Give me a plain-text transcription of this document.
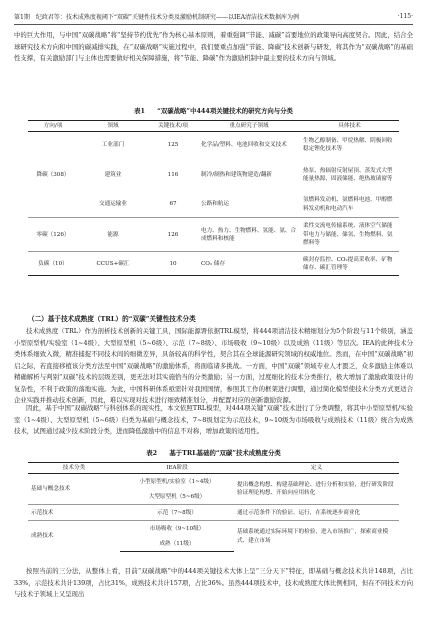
第1期 纪政君等：技术成熟度视阈下“双碳”关键性技术分类及激励机制研究——以IEA清洁技术数据库为例	·115·
中的巨大作用，与中国“双碳战略”将“坚持节约优先”作为核心基本原则，着重强调“节能、减碳”首要地位的政策导向高度契合。因此，结合全球研究技术方向和中国的碳减排实践，在“双碳战略”实施过程中，我们要重点加强“节能、降碳”技术创新与研发，将其作为“双碳战略”的基础性支撑，有关激励部门与主体也需要做好相关保障措施，将“节能、降碳”作为激励机制中最主要的技术方向与领域。
表1 “双碳战略”中444项关键技术的研究方向与分类
方向/项	领域	关键技术/项	重点研究子领域	具体技术
降碳（308）	工业部门	125	化学品/塑料、电池回收和交叉技术	生物乙醇制备、甲烷热解、阴极回收稳定锂化技术等
	建筑业	116	制冷/制热和建筑物建造/翻新	热泵、热辐射反射屋顶、蒸发式大型能量热源、固液储能、绝热玻璃窗等
	交通运输业	67	公路和航运	氢燃料发动机、氨燃料电池、甲醇燃料发动机和电动汽车
零碳（126）	能源	126	电力、热力、生物燃料、氢能、氨、合成燃料和核能	柔性交流电传输系统、液体空气储能带电力与储能、储氢、生物燃料、氨燃料等
负碳（10）	CCUS+碳汇	10	CO₂ 储存	碳封存监控、CO₂提高采收率、矿物储存、碳汇管理等
（二）基于技术成熟度（TRL）的“双碳”关键性技术分类
技术成熟度（TRL）作为剖析技术创新的关键工具，国际能源署依据TRL模型，将444项清洁技术精细划分为5个阶段与11个级别，涵盖小型原型机/实验室（1~4级）、大型原型机（5~6级）、示范（7~8级）、市场吸收（9~10级）以及成熟（11级）等层次。IEA的此种技术分类体系细致入微，精准捕捉不同技术间的细微差异，具备较高的科学性，契合其在全球能源研究领域的权威地位。然而，在中国“双碳战略”初启之际，若直接移植该分类方法至中国“双碳战略”的激励体系，将面临诸多挑战。一方面，中国“双碳”领域专业人才匮乏，众多激励主体难以精确解析与判别“双碳”技术的层级差别，更无法对其实施恰当的分类激励；另一方面，过度细化的技术分类推行，极大增加了激励政策设计的复杂性，不利于政策的落地实施。为此，中国科研体系亟需针对我国国情，参照其工作的框架进行调整，通过简化模型使技术分类方式更适合企业实践并推动技术创新，因此，难以实现对技术进行细致精准划分，并配置对应的创新激励资源。
因此，基于中国“双碳战略”与科创体系的现实性，本文依照TRL模型，对444项关键“双碳”技术进行了分类调整，将其中小型原型机/实验室（1~4级）、大型原型机（5~6级）归类为基础与概念技术，7~8级划定为示范技术，9~10级为市场吸收与成熟技术（11级）统合为成熟技术，试图通过减少技术阶段分类，进而降低激励中的信息不对称，增加政策的适用性。
表2 基于TRL基础的“双碳”技术成熟度分类
技术分类	IEA阶段	定义
基础与概念技术	小型原型机/实验室（1~4级）	提出概念构想、构建基础理论、进行分析和实验，进行研发阶段验证理论构想、开始向应用转化
	大型原型机（5~6级）	
示范技术	示范（7~8级）	通过示范条件下的验证、运行，在系统逐步商业化
成熟技术	市场吸收（9~10级）	基础系统通过实际环境下的检验，进入市场推广，探索商业模式、建立市场
	成熟（11级）	
按照当前的三分法，从整体上看，目前“双碳战略”中的444项关键技术大体上呈“三分天下”特征，即基础与概念技术共计148项，占比33%，示范技术共计139项，占比31%，成熟技术共计157项，占比36%。虽然444项技术中，技术成熟度大体比例相同，但在不同技术方向与技术子领域上又呈现出
